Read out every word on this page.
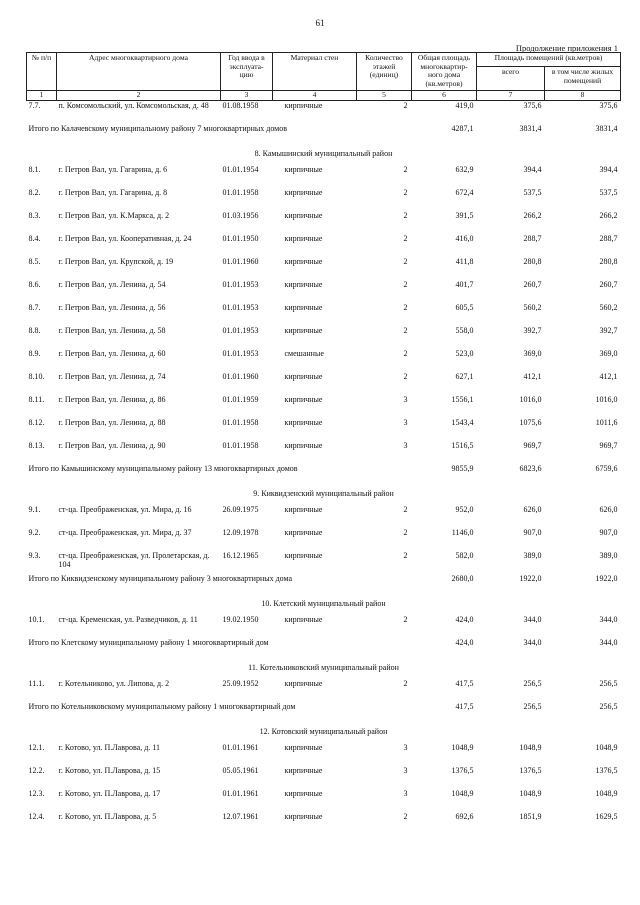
61
Продолжение приложения 1
№ п/п	Адрес многоквартирного дома	Год ввода в эксплуата- цию	Материал стен	Количество этажей (единиц)	Общая площадь многоквартир- ного дома (кв.метров)	Площадь помещений (кв.метров)	
						всего	в том числе жилых помещений
1	2	3	4	5	6	7	8
7.7.	п. Комсомольский, ул. Комсомольская, д. 48	01.08.1958	кирпичные	2	419,0	375,6	375,6
Итого по Калачевскому муниципальному району 7 многоквартирных домов					4287,1	3831,4	3831,4
8. Камышинский муниципальный район							
8.1.	г. Петров Вал, ул. Гагарина, д. 6	01.01.1954	кирпичные	2	632,9	394,4	394,4
8.2.	г. Петров Вал, ул. Гагарина, д. 8	01.01.1958	кирпичные	2	672,4	537,5	537,5
8.3.	г. Петров Вал, ул. К.Маркса, д. 2	01.03.1956	кирпичные	2	391,5	266,2	266,2
8.4.	г. Петров Вал, ул. Кооперативная, д. 24	01.01.1950	кирпичные	2	416,0	288,7	288,7
8.5.	г. Петров Вал, ул. Крупской, д. 19	01.01.1960	кирпичные	2	411,8	280,8	280,8
8.6.	г. Петров Вал, ул. Ленина, д. 54	01.01.1953	кирпичные	2	401,7	260,7	260,7
8.7.	г. Петров Вал, ул. Ленина, д. 56	01.01.1953	кирпичные	2	605,5	560,2	560,2
8.8.	г. Петров Вал, ул. Ленина, д. 58	01.01.1953	кирпичные	2	558,0	392,7	392,7
8.9.	г. Петров Вал, ул. Ленина, д. 60	01.01.1953	смешанные	2	523,0	369,0	369,0
8.10.	г. Петров Вал, ул. Ленина, д. 74	01.01.1960	кирпичные	2	627,1	412,1	412,1
8.11.	г. Петров Вал, ул. Ленина, д. 86	01.01.1959	кирпичные	3	1556,1	1016,0	1016,0
8.12.	г. Петров Вал, ул. Ленина, д. 88	01.01.1958	кирпичные	3	1543,4	1075,6	1011,6
8.13.	г. Петров Вал, ул. Ленина, д. 90	01.01.1958	кирпичные	3	1516,5	969,7	969,7
Итого по Камышинскому муниципальному району 13 многоквартирных домов					9855,9	6823,6	6759,6
9. Киквидзенский муниципальный район							
9.1.	ст-ца. Преображенская, ул. Мира, д. 16	26.09.1975	кирпичные	2	952,0	626,0	626,0
9.2.	ст-ца. Преображенская, ул. Мира, д. 37	12.09.1978	кирпичные	2	1146,0	907,0	907,0
9.3.	ст-ца. Преображенская, ул. Пролетарская, д. 104	16.12.1965	кирпичные	2	582,0	389,0	389,0
Итого по Киквидзенскому муниципальному району 3 многоквартирных дома					2680,0	1922,0	1922,0
10. Клетский муниципальный район							
10.1.	ст-ца. Кременская, ул. Разведчиков, д. 11	19.02.1950	кирпичные	2	424,0	344,0	344,0
Итого по Клетскому муниципальному району 1 многоквартирный дом					424,0	344,0	344,0
11. Котельниковский муниципальный район							
11.1.	г. Котельниково, ул. Липова, д. 2	25.09.1952	кирпичные	2	417,5	256,5	256,5
Итого по Котельниковскому муниципальному району 1 многоквартирный дом					417,5	256,5	256,5
12. Котовский муниципальный район							
12.1.	г. Котово, ул. П.Лаврова, д. 11	01.01.1961	кирпичные	3	1048,9	1048,9	1048,9
12.2.	г. Котово, ул. П.Лаврова, д. 15	05.05.1961	кирпичные	3	1376,5	1376,5	1376,5
12.3.	г. Котово, ул. П.Лаврова, д. 17	01.01.1961	кирпичные	3	1048,9	1048,9	1048,9
12.4.	г. Котово, ул. П.Лаврова, д. 5	12.07.1961	кирпичные	2	692,6	1851,9	1629,5
